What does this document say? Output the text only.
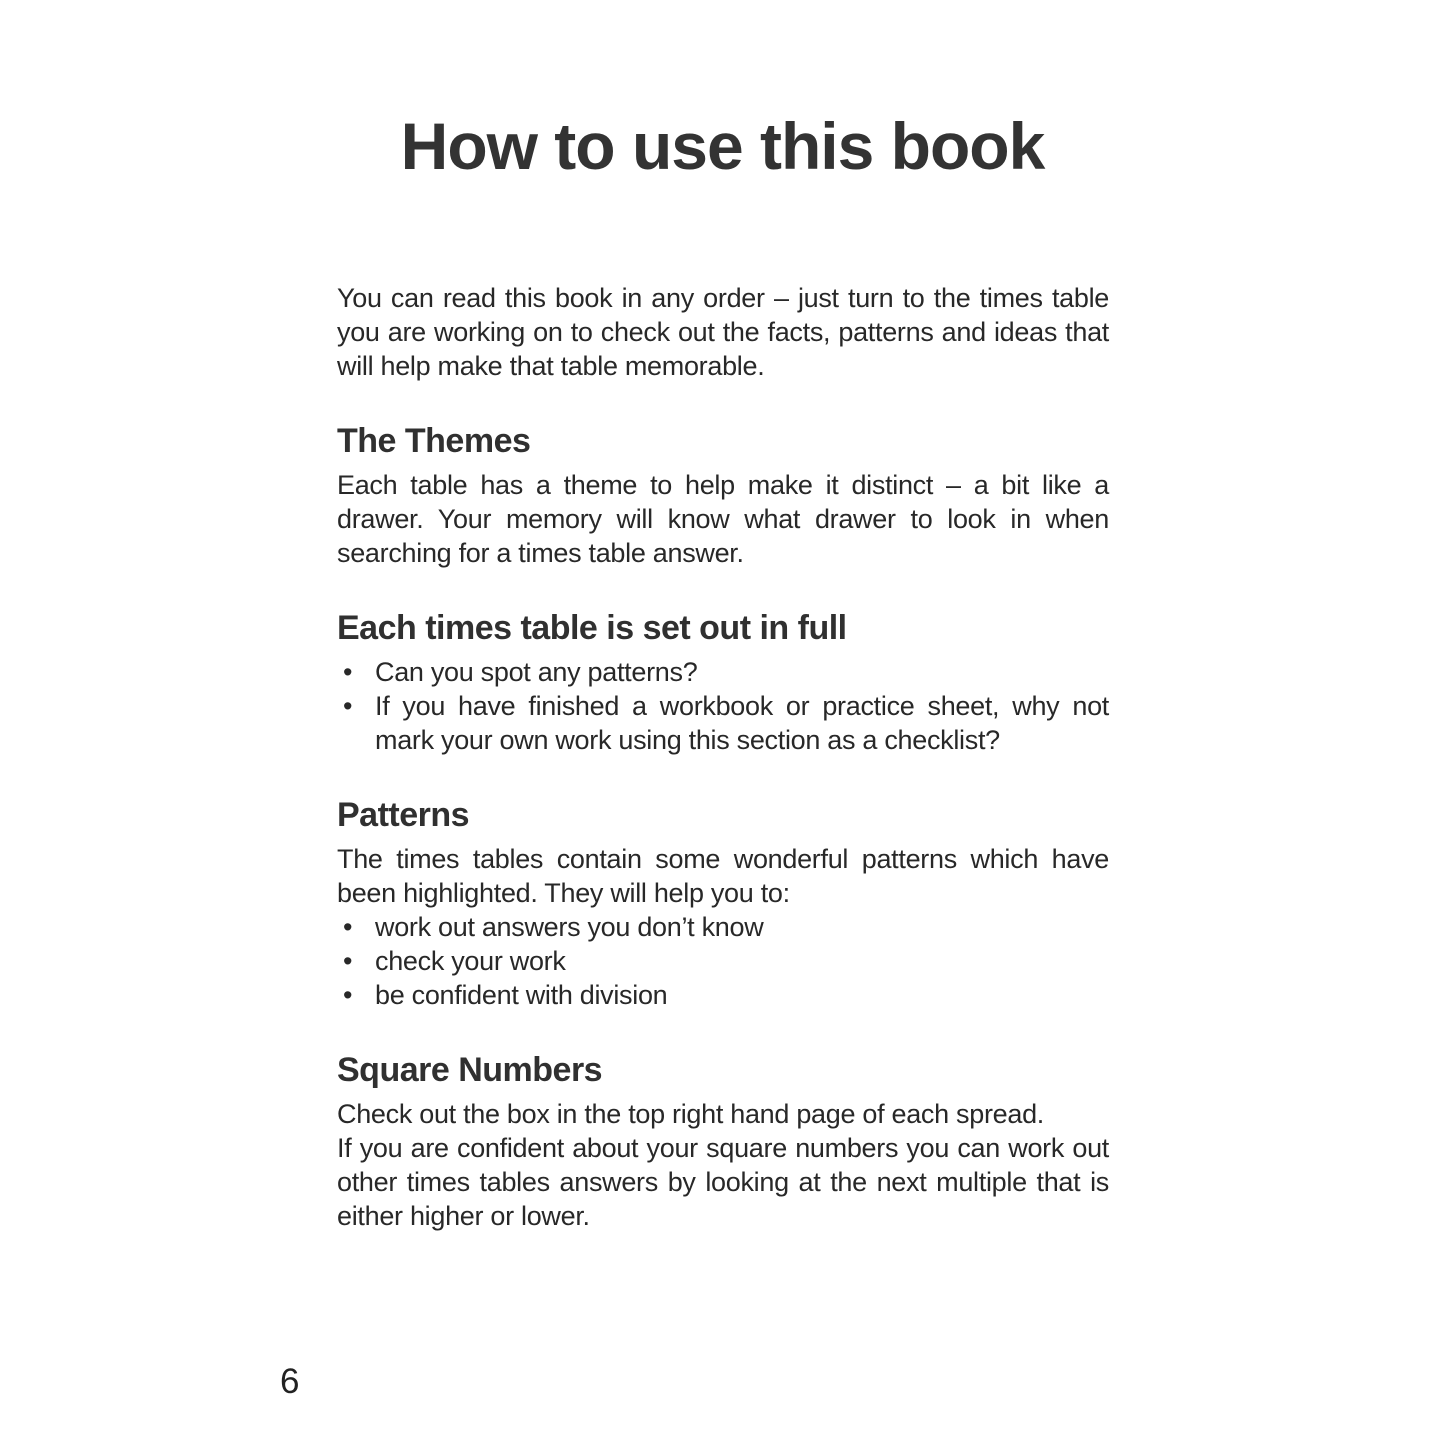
How to use this book

You can read this book in any order – just turn to the times table you are working on to check out the facts, patterns and ideas that will help make that table memorable.

The Themes

Each table has a theme to help make it distinct – a bit like a drawer. Your memory will know what drawer to look in when searching for a times table answer.

Each times table is set out in full
• Can you spot any patterns?
• If you have finished a workbook or practice sheet, why not mark your own work using this section as a checklist?
Patterns

The times tables contain some wonderful patterns which have been highlighted. They will help you to:

• work out answers you don’t know
• check your work
• be confident with division
Square Numbers

Check out the box in the top right hand page of each spread.

If you are confident about your square numbers you can work out other times tables answers by looking at the next multiple that is either higher or lower.

6
